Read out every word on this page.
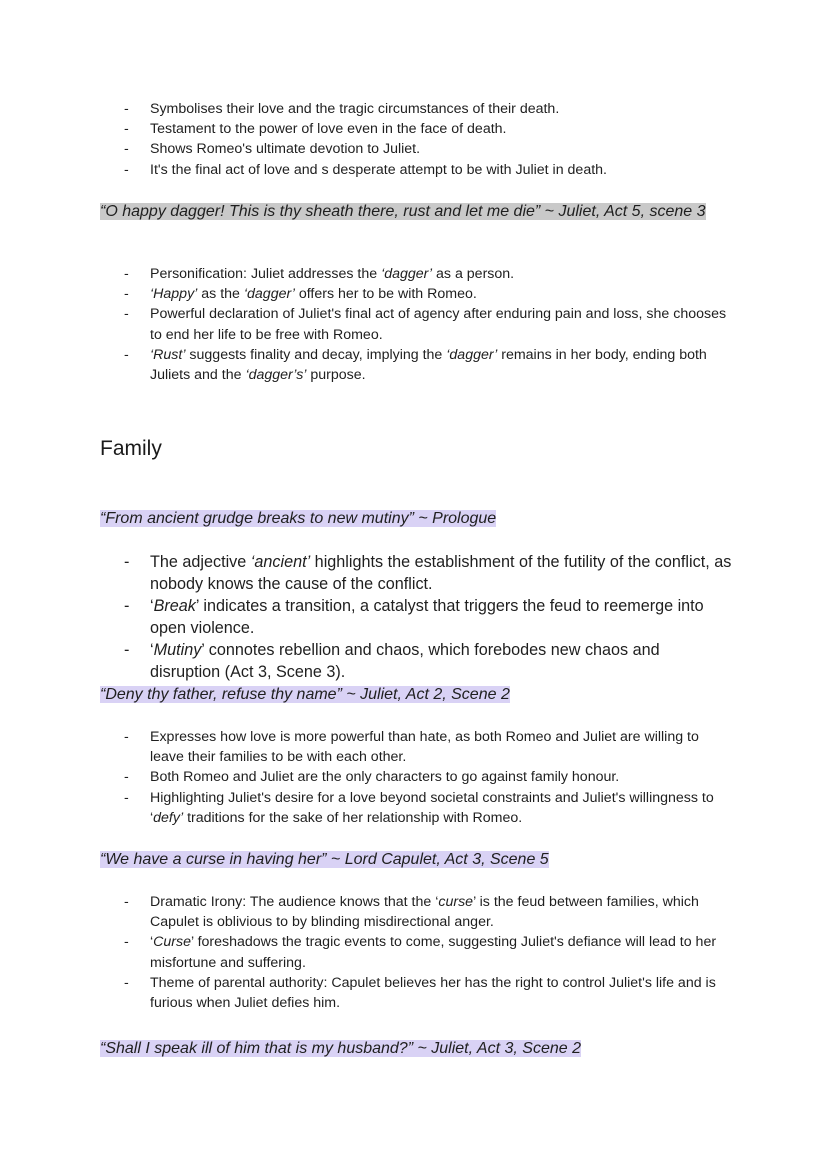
- Symbolises their love and the tragic circumstances of their death.
- Testament to the power of love even in the face of death.
- Shows Romeo's ultimate devotion to Juliet.
- It's the final act of love and s desperate attempt to be with Juliet in death.

“O happy dagger! This is thy sheath there, rust and let me die” ~ Juliet, Act 5, scene 3

- Personification: Juliet addresses the ‘dagger’ as a person.
- ‘Happy’ as the ‘dagger’ offers her to be with Romeo.
- Powerful declaration of Juliet's final act of agency after enduring pain and loss, she chooses to end her life to be free with Romeo.
- ‘Rust’ suggests finality and decay, implying the ‘dagger’ remains in her body, ending both Juliets and the ‘dagger’s’ purpose.
Family

“From ancient grudge breaks to new mutiny” ~ Prologue

- The adjective ‘ancient’ highlights the establishment of the futility of the conflict, as nobody knows the cause of the conflict.
- ‘Break’ indicates a transition, a catalyst that triggers the feud to reemerge into open violence.
- ‘Mutiny’ connotes rebellion and chaos, which forebodes new chaos and disruption (Act 3, Scene 3).

“Deny thy father, refuse thy name” ~ Juliet, Act 2, Scene 2

- Expresses how love is more powerful than hate, as both Romeo and Juliet are willing to leave their families to be with each other.
- Both Romeo and Juliet are the only characters to go against family honour.
- Highlighting Juliet's desire for a love beyond societal constraints and Juliet's willingness to ‘defy’ traditions for the sake of her relationship with Romeo.

“We have a curse in having her” ~ Lord Capulet, Act 3, Scene 5

- Dramatic Irony: The audience knows that the ‘curse’ is the feud between families, which Capulet is oblivious to by blinding misdirectional anger.
- ‘Curse’ foreshadows the tragic events to come, suggesting Juliet's defiance will lead to her misfortune and suffering.
- Theme of parental authority: Capulet believes her has the right to control Juliet's life and is furious when Juliet defies him.

“Shall I speak ill of him that is my husband?” ~ Juliet, Act 3, Scene 2
